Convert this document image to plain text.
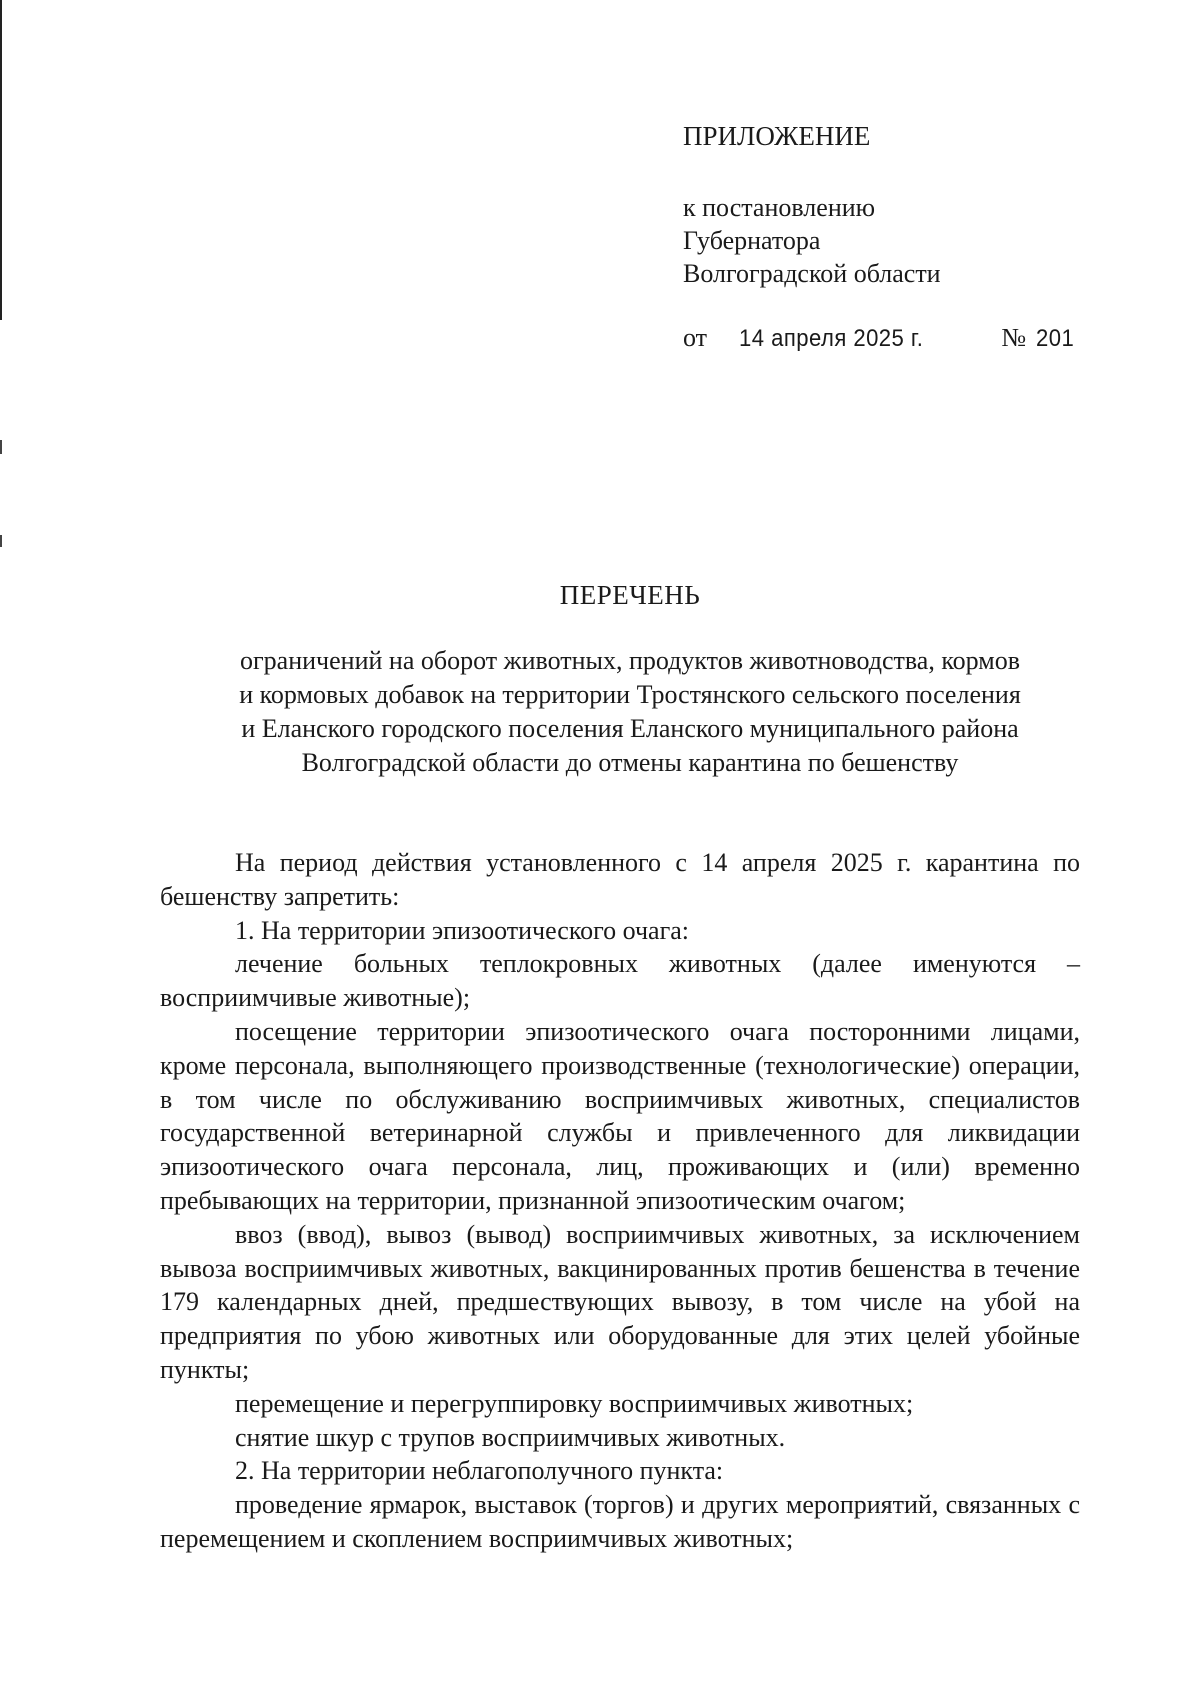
ПРИЛОЖЕНИЕ
к постановлению
Губернатора
Волгоградской области
от	14 апреля 2025 г.	№ 201
ПЕРЕЧЕНЬ
ограничений на оборот животных, продуктов животноводства, кормов
и кормовых добавок на территории Тростянского сельского поселения
и Еланского городского поселения Еланского муниципального района
Волгоградской области до отмены карантина по бешенству

На период действия установленного с 14 апреля 2025 г. карантина по бешенству запретить:

1. На территории эпизоотического очага:

лечение больных теплокровных животных (далее именуются – восприимчивые животные);

посещение территории эпизоотического очага посторонними лицами, кроме персонала, выполняющего производственные (технологические) операции, в том числе по обслуживанию восприимчивых животных, специалистов государственной ветеринарной службы и привлеченного для ликвидации эпизоотического очага персонала, лиц, проживающих и (или) временно пребывающих на территории, признанной эпизоотическим очагом;

ввоз (ввод), вывоз (вывод) восприимчивых животных, за исключением вывоза восприимчивых животных, вакцинированных против бешенства в течение 179 календарных дней, предшествующих вывозу, в том числе на убой на предприятия по убою животных или оборудованные для этих целей убойные пункты;

перемещение и перегруппировку восприимчивых животных;

снятие шкур с трупов восприимчивых животных.

2. На территории неблагополучного пункта:

проведение ярмарок, выставок (торгов) и других мероприятий, связанных с перемещением и скоплением восприимчивых животных;
